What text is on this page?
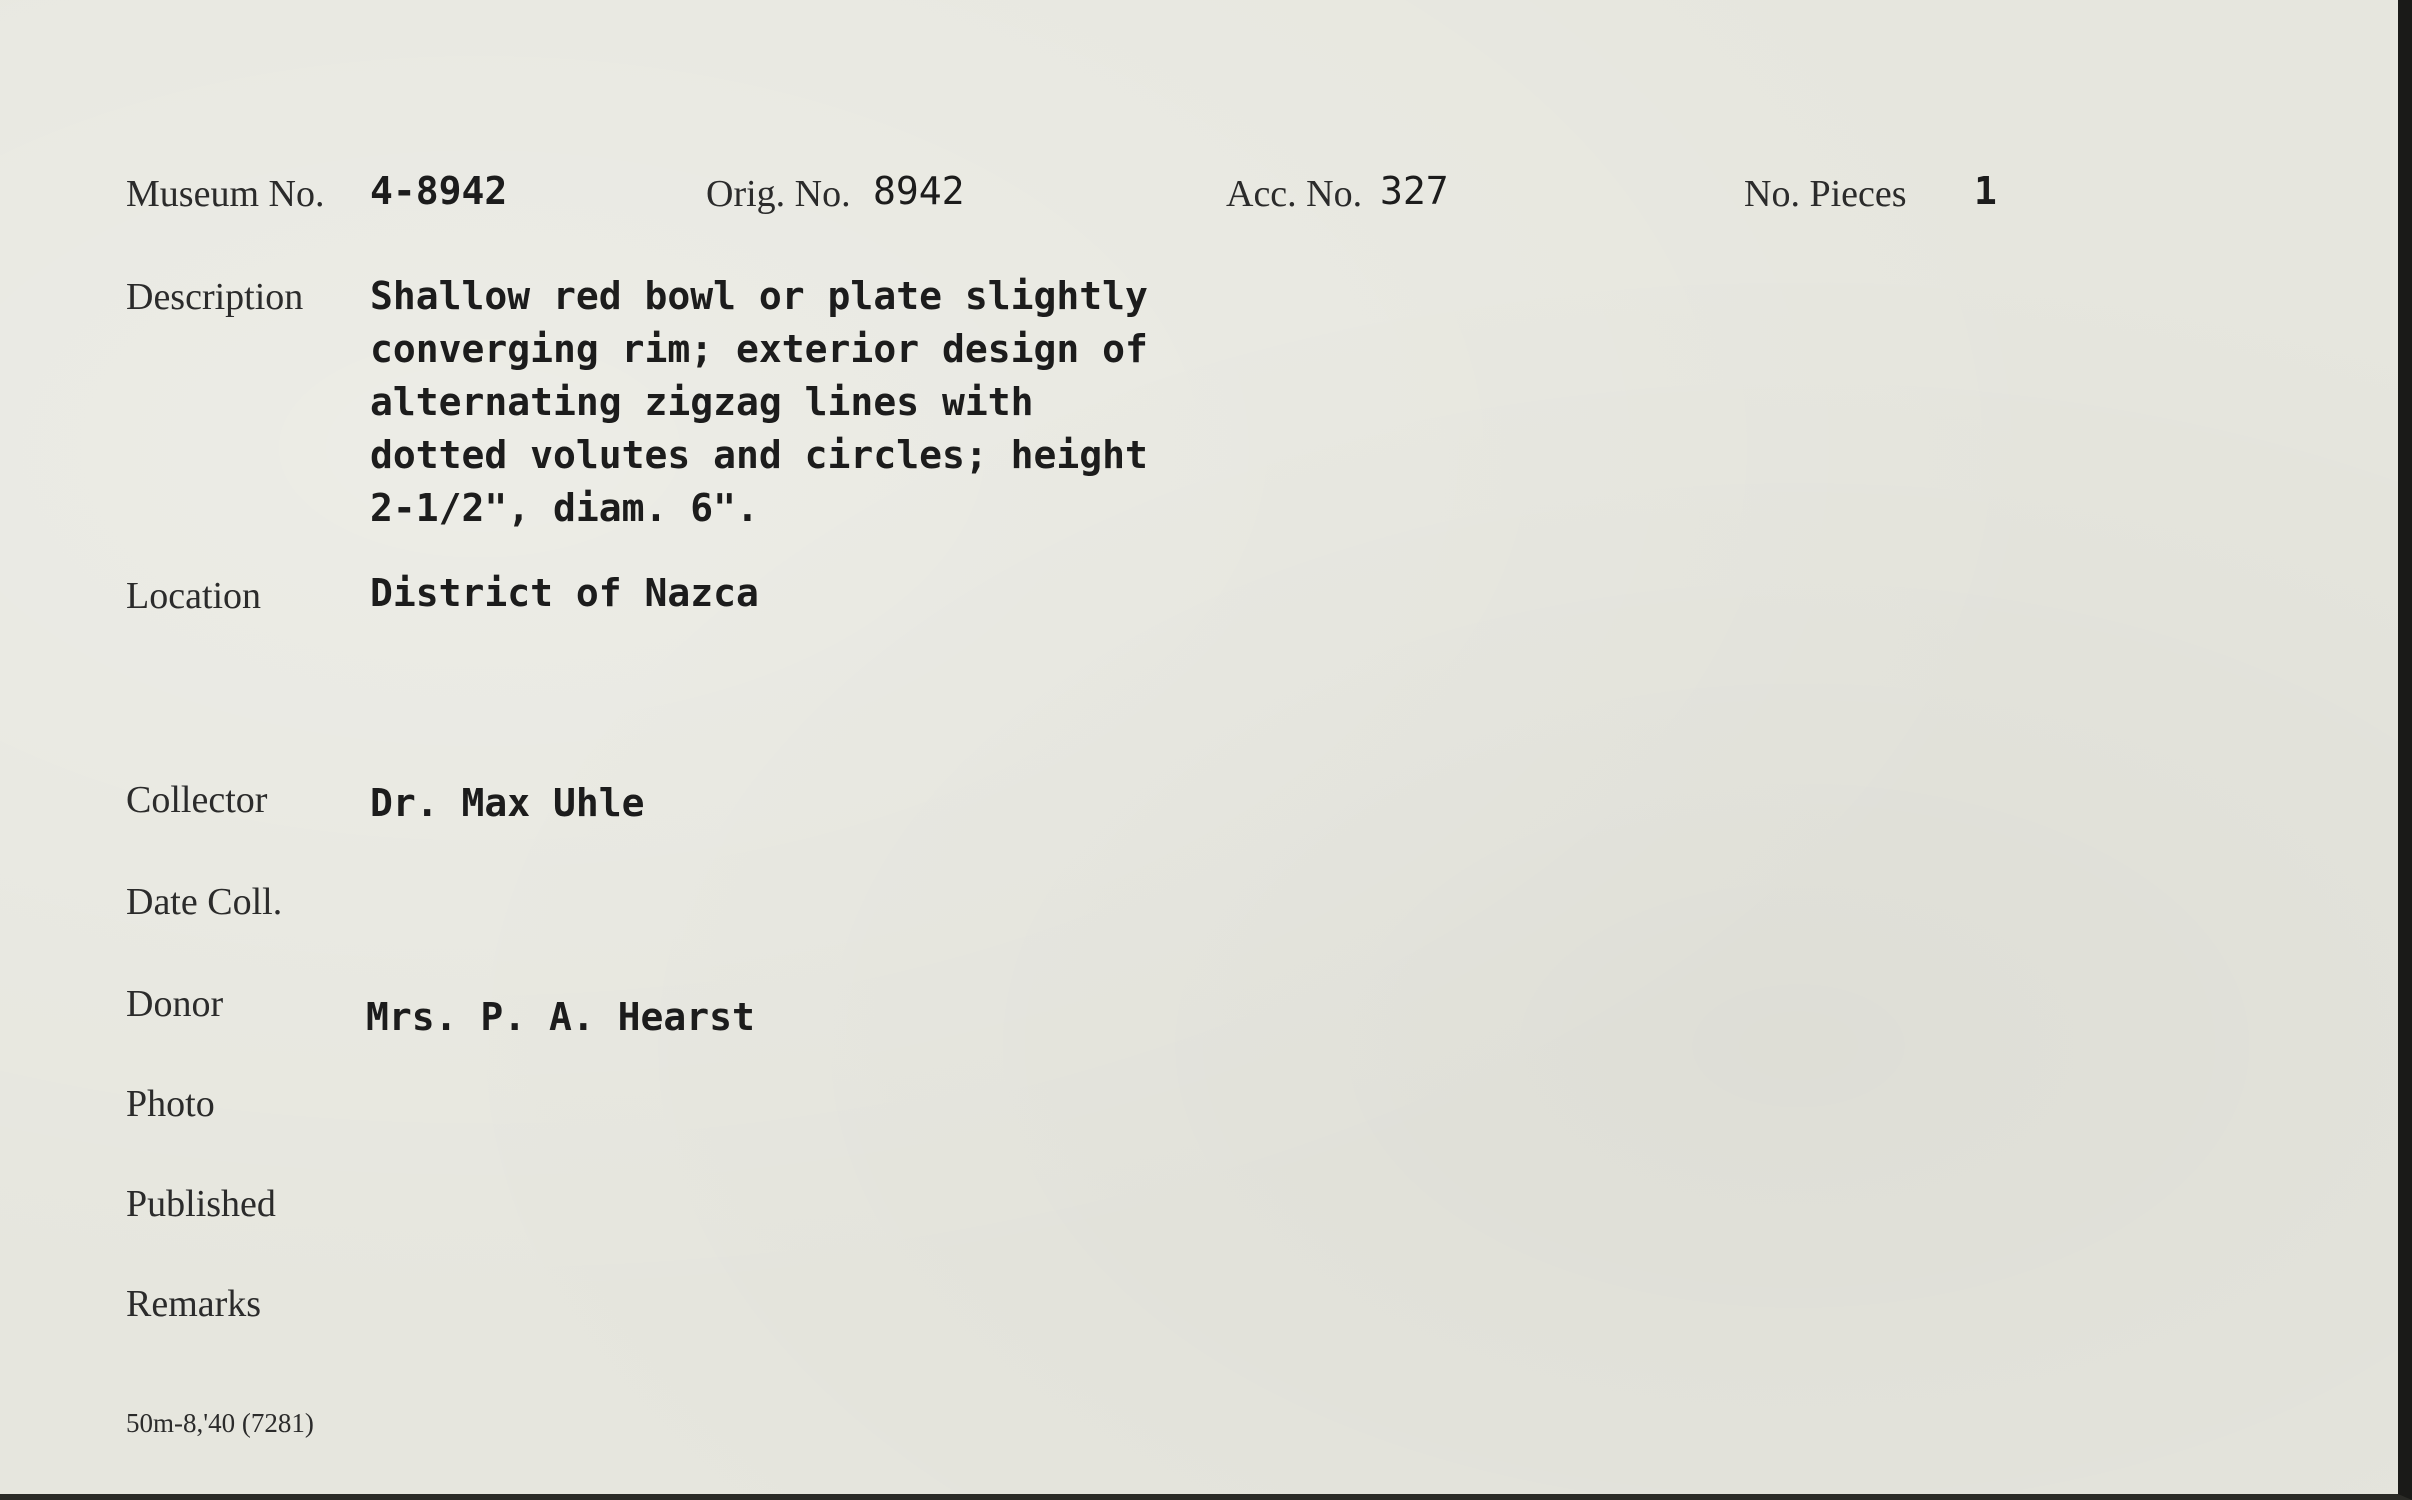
Museum No. 4-8942	Orig. No. 8942	Acc. No. 327	No. Pieces 1
Description Shallow red bowl or plate slightly
converging rim; exterior design of
alternating zigzag lines with
dotted volutes and circles; height
2-1/2", diam. 6".
Location	District of Nazca
Collector	Dr. Max Uhle
Date Coll.
Donor	Mrs. P. A. Hearst
Photo
Published
Remarks
50m-8,'40 (7281)
